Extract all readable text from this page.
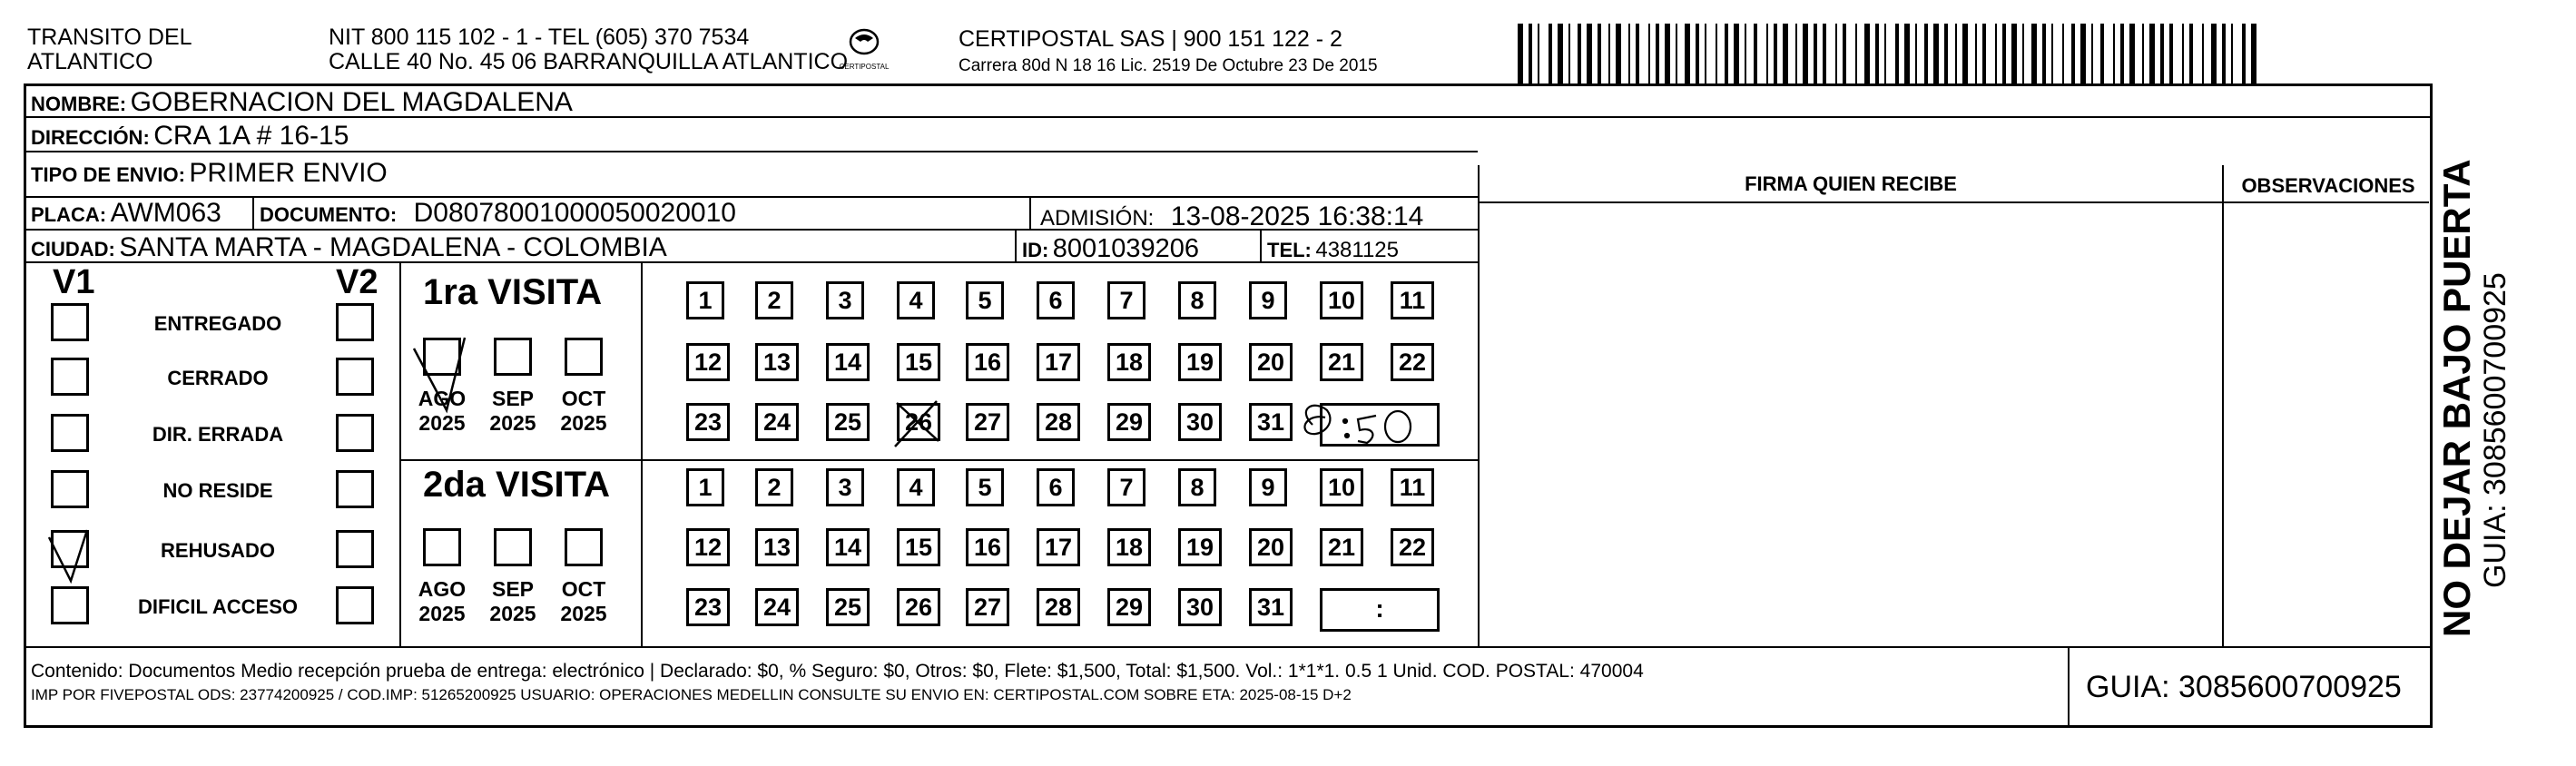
TRANSITO DEL
ATLANTICO
NIT 800 115 102 - 1 - TEL (605) 370 7534
CALLE 40 No. 45 06 BARRANQUILLA ATLANTICO
CERTIPOSTAL
CERTIPOSTAL SAS | 900 151 122 - 2
Carrera 80d N 18 16 Lic. 2519 De Octubre 23 De 2015
NOMBRE: GOBERNACION DEL MAGDALENA
DIRECCIÓN: CRA 1A # 16-15
TIPO DE ENVIO: PRIMER ENVIO
PLACA: AWM063 DOCUMENTO: D08078001000050020010	ADMISIÓN: 13-08-2025 16:38:14
CIUDAD: SANTA MARTA - MAGDALENA - COLOMBIA	ID: 8001039206	TEL: 4381125
FIRMA QUIEN RECIBE	OBSERVACIONES
V1	V2
ENTREGADO
CERRADO
DIR. ERRADA
NO RESIDE
REHUSADO
DIFICIL ACCESO
1ra VISITA
2da VISITA
AGO
2025
SEP
2025
OCT
2025
AGO
2025
SEP
2025
OCT
2025
1	2	3	4	5	6	7	8	9	10	11
12	13	14	15	16	17	18	19	20	21	22
23	24	25	26	27	28	29	30	31
1	2	3	4	5	6	7	8	9	10	11
12	13	14	15	16	17	18	19	20	21	22
23	24	25	26	27	28	29	30	31	:	NO DEJAR BAJO PUERTA GUIA: 3085600700925
Contenido: Documentos Medio recepción prueba de entrega: electrónico | Declarado: $0, % Seguro: $0, Otros: $0, Flete: $1,500, Total: $1,500. Vol.: 1*1*1. 0.5 1 Unid. COD. POSTAL: 470004
IMP POR FIVEPOSTAL ODS: 23774200925 / COD.IMP: 51265200925 USUARIO: OPERACIONES MEDELLIN CONSULTE SU ENVIO EN: CERTIPOSTAL.COM SOBRE ETA: 2025-08-15 D+2	GUIA: 3085600700925
